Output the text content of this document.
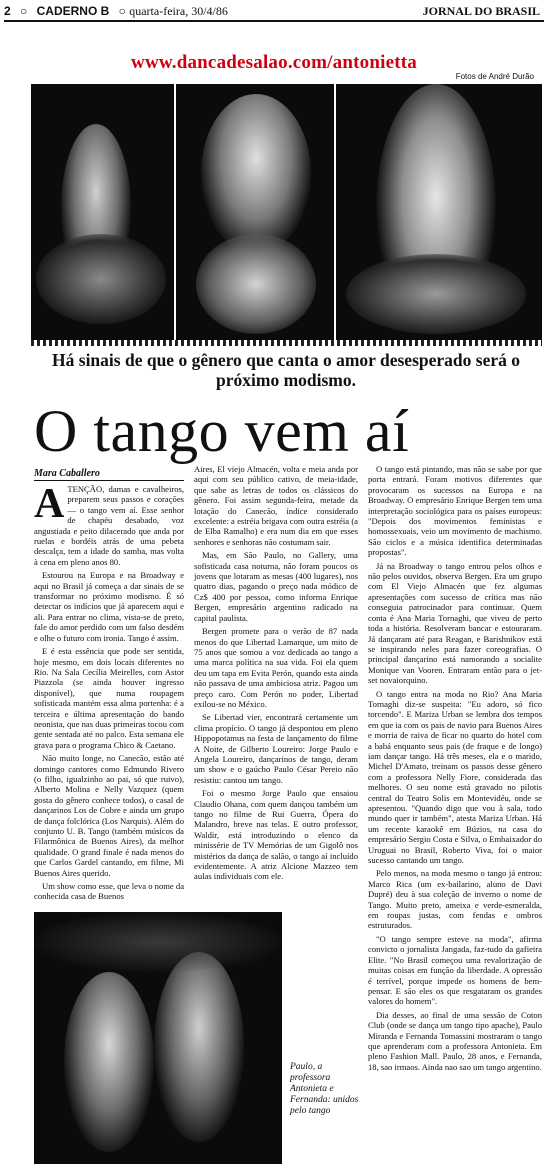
2 ○ CADERNO B ○ quarta-feira, 30/4/86	JORNAL DO BRASIL
www.dancadesalao.com/antonietta
Fotos de André Durão
Há sinais de que o gênero que canta o amor desesperado será o próximo modismo.
O tango vem aí
Mara Caballero
A TENÇÃO, damas e cavalheiros, preparem seus passos e corações — o tango vem aí. Esse senhor de chapéu desabado, voz angustiada e peito dilacerado que anda por ruelas e bordéis atrás de uma pebeta descalça, tem a idade do samba, mas volta à cena em pleno anos 80.

Estourou na Europa e na Broadway e aqui no Brasil já começa a dar sinais de se transformar no próximo modismo. É só detectar os indícios que já aparecem aqui e ali. Para entrar no clima, vista-se de preto, fale do amor perdido com um falso desdém e olhe o futuro com ironia. Tango é assim.

E é esta essência que pode ser sentida, hoje mesmo, em dois locais diferentes no Rio. Na Sala Cecília Meirelles, com Astor Piazzola (se ainda houver ingresso disponível), que numa roupagem sofisticada mantém essa alma portenha: é a terceira e última apresentação do bando neonista, que nas duas primeiras tocou com gente sentada até no palco. Esta semana ele grava para o programa Chico & Caetano.

Não muito longe, no Canecão, estão até domingo cantores como Edmundo Rivero (o filho, igualzinho ao pai, só que ruivo), Alberto Molina e Nelly Vazquez (quem gosta do gênero conhece todos), o casal de dançarinos Los de Cobre e ainda um grupo de dança folclórica (Los Narquis). Além do conjunto U. B. Tango (também músicos da Filarmônica de Buenos Aires), da melhor qualidade. O grand finale é nada menos do que Carlos Gardel cantando, em filme, Mi Buenos Aires querido.

Um show como esse, que leva o nome da conhecida casa de Buenos

Aires, El viejo Almacén, volta e meia anda por aqui com seu público cativo, de meia-idade, que sabe as letras de todos os clássicos do gênero. Foi assim segunda-feira, metade da lotação do Canecão, índice considerado excelente: a estréia brigava com outra estréia (a de Elba Ramalho) e era num dia em que esses senhores e senhoras não costumam sair.

Mas, em São Paulo, no Gallery, uma sofisticada casa noturna, não foram poucos os jovens que lotaram as mesas (400 lugares), nos quatro dias, pagando o preço nada módico de Cz$ 400 por pessoa, como informa Enrique Bergen, empresário argentino radicado na capital paulista.

Bergen promete para o verão de 87 nada menos do que Libertad Lamarque, um mito de 75 anos que somou a voz dedicada ao tango a uma marca política na sua vida. Foi ela quem deu um tapa em Evita Perón, quando esta ainda não passava de uma ambiciosa atriz. Pagou um preço caro. Com Perón no poder, Libertad exilou-se no México.

Se Libertad vier, encontrará certamente um clima propício. O tango já despontou em pleno Hippopotamus na festa de lançamento do filme A Noite, de Gilberto Loureiro: Jorge Paulo e Angela Loureiro, dançarinos de tango, deram um show e o gaúcho Paulo César Pereio não resistiu: cantou um tango.

Foi o mesmo Jorge Paulo que ensaiou Claudio Ohana, com quem dançou também um tango no filme de Rui Guerra, Ópera do Malandro, breve nas telas. E outro professor, Waldir, está introduzindo o elenco da minissérie de TV Memórias de um Gigolô nos mistérios da dança de salão, o tango aí incluído evidentemente. A atriz Alcione Mazzeo tem aulas individuais com ele.

O tango está pintando, mas não se sabe por que porta entrará. Foram motivos diferentes que provocaram os sucessos na Europa e na Broadway. O empresário Enrique Bergen tem uma interpretação sociológica para os países europeus: "Depois dos movimentos feministas e homossexuais, veio um movimento de machismo. São ciclos e a música identifica determinadas propostas".

Já na Broadway o tango entrou pelos olhos e não pelos ouvidos, observa Bergen. Era um grupo com El Viejo Almacén que fez algumas apresentações com sucesso de crítica mas não conseguia patrocinador para continuar. Quem conta é Ana Maria Tornaghi, que viveu de perto toda a história. Resolveram bancar e estouraram. Já dançaram até para Reagan, e Barishnikov está se inspirando neles para fazer coreografias. O principal dançarino está namorando a socialite Monique van Vooren. Entraram então para o jet-set novaiorquino.

O tango entra na moda no Rio? Ana Maria Tornaghi diz-se suspeita: "Eu adoro, só fico torcendo". E Mariza Urban se lembra dos tempos em que ia com os pais de navio para Buenos Aires e morria de raiva de ficar no quarto do hotel com a babá enquanto seus pais (de fraque e de longo) iam dançar tango. Há três meses, ela e o marido, Michel D'Amato, treinam os passos desse gênero com a professora Nelly Fiore, considerada das melhores. O seu nome está gravado no pilotis central do Teatro Solis em Montevidéu, onde se apresentou. "Quando digo que vou à sala, todo mundo quer ir também", atesta Mariza Urban. Há um recente karaokê em Búzios, na casa do empresário Sergio Costa e Silva, o Embaixador do Uruguai no Brasil, Roberto Viva, foi o maior sucesso cantando um tango.

Pelo menos, na moda mesmo o tango já entrou: Marco Rica (um ex-bailarino, aluno de Davi Dupré) deu à sua coleção de inverno o nome de Tango. Muito preto, ameixa e verde-esmeralda, em roupas justas, com fendas e ombros estruturados.

"O tango sempre esteve na moda", afirma convicto o jornalista Jangada, faz-tudo da gafieira Elite. "No Brasil começou uma revalorização de muitas coisas em função da liberdade. A opressão é terrível, porque impede os homens de bem-pensar. E são eles os que resgataram os grandes valores do homem".

Dia desses, ao final de uma sessão de Coton Club (onde se dança um tango tipo apache), Paulo Miranda e Fernanda Tomassini mostraram o tango que aprenderam com a professora Antonieta. Em pleno Fashion Mall. Paulo, 28 anos, e Fernanda, 18, sao irmaos. Ainda nao sao um tango argentino.

Paulo, a professora Antonieta e Fernanda: unidos pelo tango
